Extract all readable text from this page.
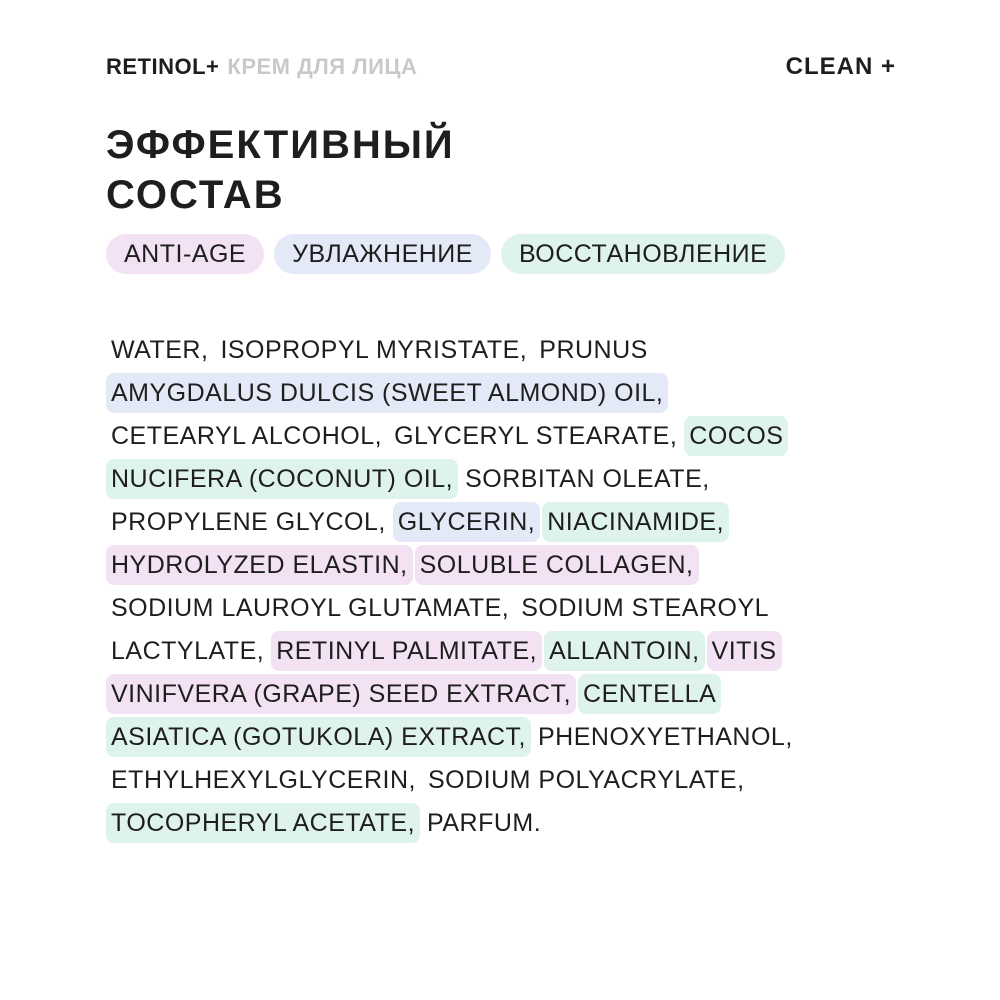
RETINOL+ КРЕМ ДЛЯ ЛИЦА	CLEAN +
ЭФФЕКТИВНЫЙ
СОСТАВ
ANTI-AGE	УВЛАЖНЕНИЕ	ВОССТАНОВЛЕНИЕ
WATER, ISOPROPYL MYRISTATE, PRUNUS
AMYGDALUS DULCIS (SWEET ALMOND) OIL,
CETEARYL ALCOHOL, GLYCERYL STEARATE, COCOS
NUCIFERA (COCONUT) OIL, SORBITAN OLEATE,
PROPYLENE GLYCOL, GLYCERIN, NIACINAMIDE,
HYDROLYZED ELASTIN, SOLUBLE COLLAGEN,
SODIUM LAUROYL GLUTAMATE, SODIUM STEAROYL
LACTYLATE, RETINYL PALMITATE, ALLANTOIN, VITIS
VINIFVERA (GRAPE) SEED EXTRACT, CENTELLA
ASIATICA (GOTUKOLA) EXTRACT, PHENOXYETHANOL,
ETHYLHEXYLGLYCERIN, SODIUM POLYACRYLATE,
TOCOPHERYL ACETATE, PARFUM.
